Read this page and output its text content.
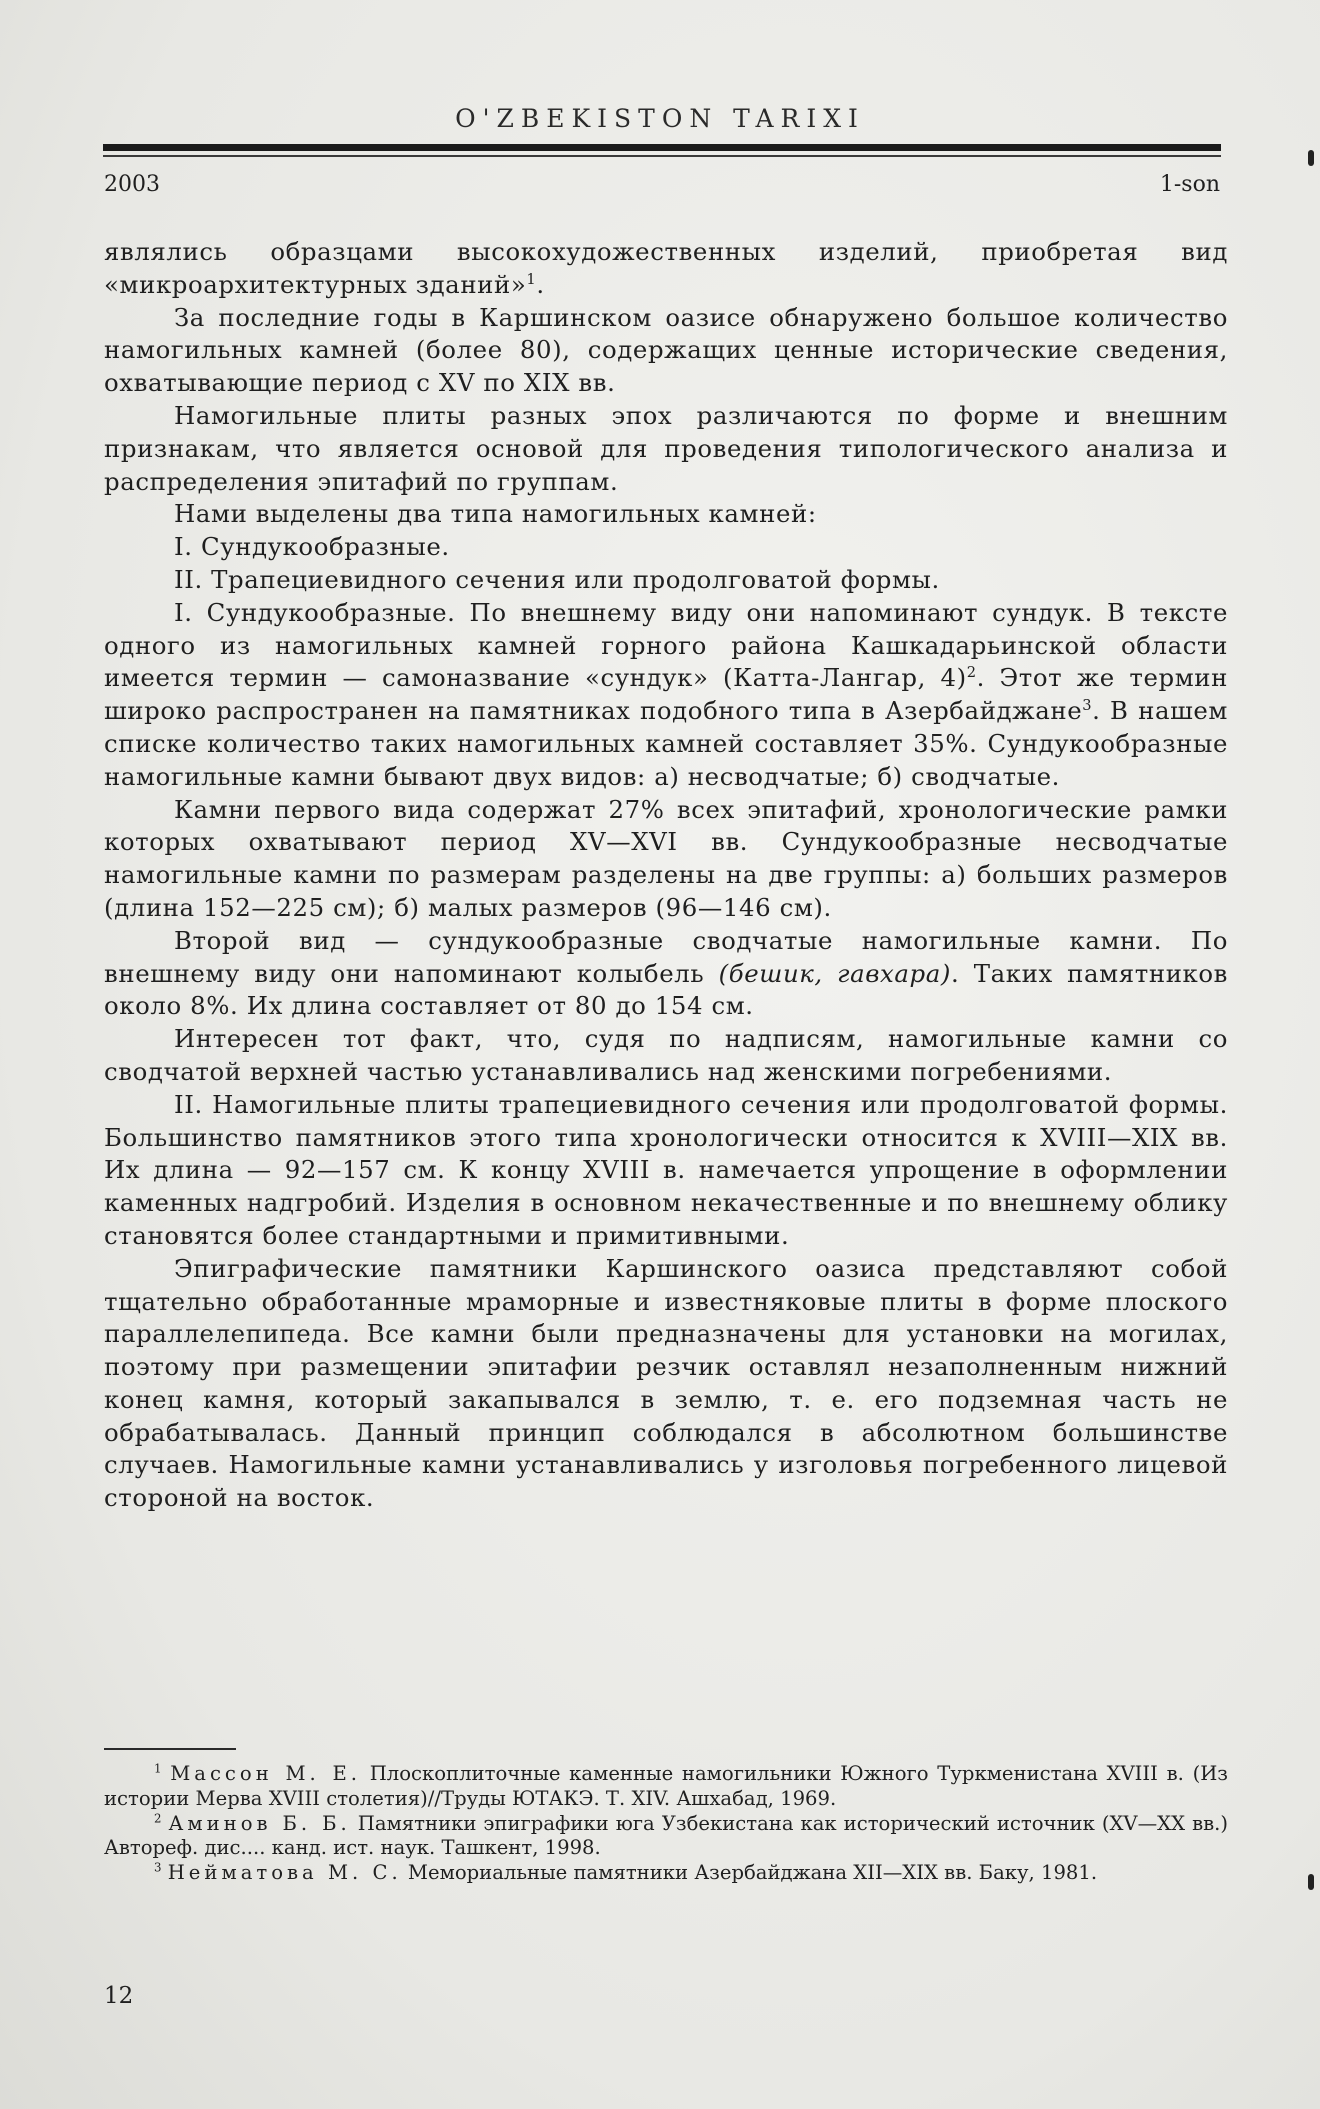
O'ZBEKISTON TARIXI
2003	1-son

являлись образцами высокохудожественных изделий, приобретая вид «микроархитектурных зданий»$^1$.

За последние годы в Каршинском оазисе обнаружено большое количество намогильных камней (более 80), содержащих ценные исторические сведения, охватывающие период с XV по XIX вв.

Намогильные плиты разных эпох различаются по форме и внешним признакам, что является основой для проведения типологического анализа и распределения эпитафий по группам.

Нами выделены два типа намогильных камней:

I. Сундукообразные.

II. Трапециевидного сечения или продолговатой формы.

I. Сундукообразные. По внешнему виду они напоминают сундук. В тексте одного из намогильных камней горного района Кашкадарьинской области имеется термин — самоназвание «сундук» (Катта-Лангар, 4)$^2$. Этот же термин широко распространен на памятниках подобного типа в Азербайджане$^3$. В нашем списке количество таких намогильных камней составляет 35%. Сундукообразные намогильные камни бывают двух видов: а) несводчатые; б) сводчатые.

Камни первого вида содержат 27% всех эпитафий, хронологические рамки которых охватывают период XV—XVI вв. Сундукообразные несводчатые намогильные камни по размерам разделены на две группы: а) больших размеров (длина 152—225 см); б) малых размеров (96—146 см).

Второй вид — сундукообразные сводчатые намогильные камни. По внешнему виду они напоминают колыбель (бешик, гавхара). Таких памятников около 8%. Их длина составляет от 80 до 154 см.

Интересен тот факт, что, судя по надписям, намогильные камни со сводчатой верхней частью устанавливались над женскими погребениями.

II. Намогильные плиты трапециевидного сечения или продолговатой формы. Большинство памятников этого типа хронологически относится к XVIII—XIX вв. Их длина — 92—157 см. К концу XVIII в. намечается упрощение в оформлении каменных надгробий. Изделия в основном некачественные и по внешнему облику становятся более стандартными и примитивными.

Эпиграфические памятники Каршинского оазиса представляют собой тщательно обработанные мраморные и известняковые плиты в форме плоского параллелепипеда. Все камни были предназначены для установки на могилах, поэтому при размещении эпитафии резчик оставлял незаполненным нижний конец камня, который закапывался в землю, т. е. его подземная часть не обрабатывалась. Данный принцип соблюдался в абсолютном большинстве случаев. Намогильные камни устанавливались у изголовья погребенного лицевой стороной на восток.

$^1$ Массон М. Е. Плоскоплиточные каменные намогильники Южного Туркменистана XVIII в. (Из истории Мерва XVIII столетия)//Труды ЮТАКЭ. Т. XIV. Ашхабад, 1969.

$^2$ Аминов Б. Б. Памятники эпиграфики юга Узбекистана как исторический источник (XV—XX вв.) Автореф. дис.... канд. ист. наук. Ташкент, 1998.

$^3$ Нейматова М. С. Мемориальные памятники Азербайджана XII—XIX вв. Баку, 1981.

12
